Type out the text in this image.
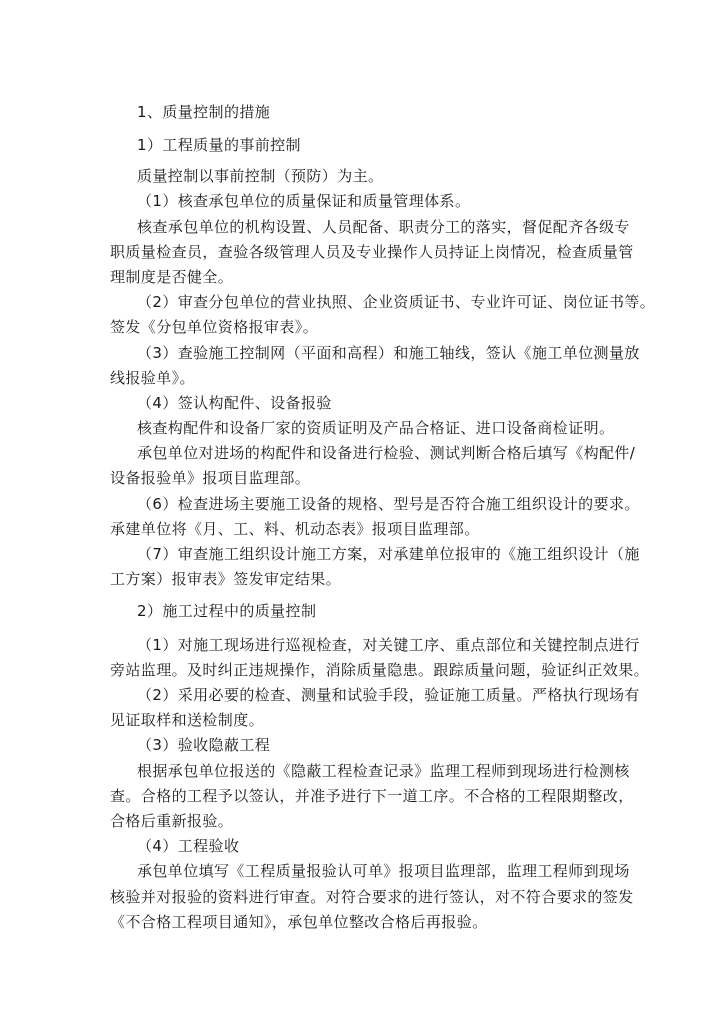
1、质量控制的措施
1）工程质量的事前控制
质量控制以事前控制（预防）为主。
（1）核查承包单位的质量保证和质量管理体系。
核查承包单位的机构设置、人员配备、职责分工的落实，督促配齐各级专
职质量检查员，查验各级管理人员及专业操作人员持证上岗情况，检查质量管
理制度是否健全。
（2）审查分包单位的营业执照、企业资质证书、专业许可证、岗位证书等。
签发《分包单位资格报审表》。
（3）查验施工控制网（平面和高程）和施工轴线，签认《施工单位测量放
线报验单》。
（4）签认构配件、设备报验
核查构配件和设备厂家的资质证明及产品合格证、进口设备商检证明。
承包单位对进场的构配件和设备进行检验、测试判断合格后填写《构配件/
设备报验单》报项目监理部。
（6）检查进场主要施工设备的规格、型号是否符合施工组织设计的要求。
承建单位将《月、工、料、机动态表》报项目监理部。
（7）审查施工组织设计施工方案，对承建单位报审的《施工组织设计（施
工方案）报审表》签发审定结果。
2）施工过程中的质量控制
（1）对施工现场进行巡视检查，对关键工序、重点部位和关键控制点进行
旁站监理。及时纠正违规操作，消除质量隐患。跟踪质量问题，验证纠正效果。
（2）采用必要的检查、测量和试验手段，验证施工质量。严格执行现场有
见证取样和送检制度。
（3）验收隐蔽工程
根据承包单位报送的《隐蔽工程检查记录》监理工程师到现场进行检测核
查。合格的工程予以签认，并准予进行下一道工序。不合格的工程限期整改，
合格后重新报验。
（4）工程验收
承包单位填写《工程质量报验认可单》报项目监理部，监理工程师到现场
核验并对报验的资料进行审查。对符合要求的进行签认，对不符合要求的签发
《不合格工程项目通知》，承包单位整改合格后再报验。
